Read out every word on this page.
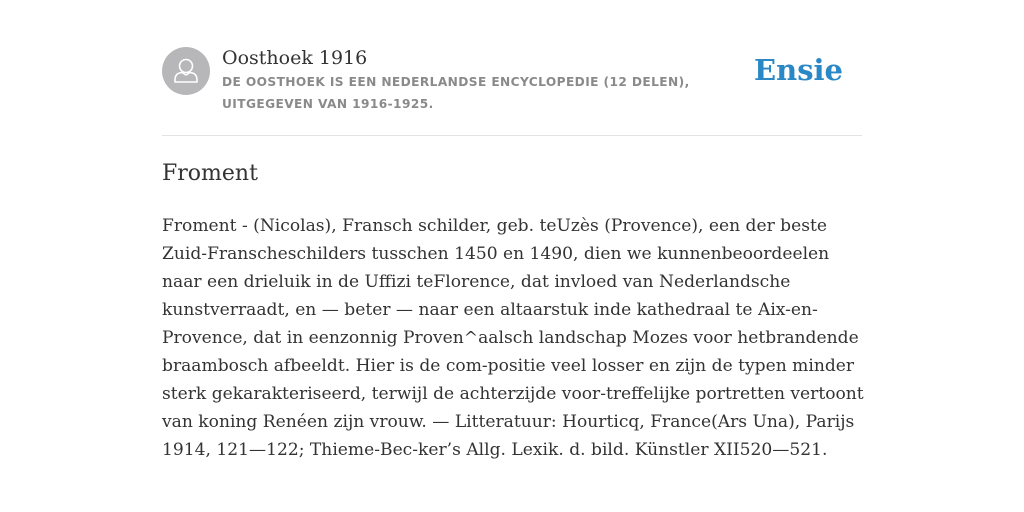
Oosthoek 1916
DE OOSTHOEK IS EEN NEDERLANDSE ENCYCLOPEDIE (12 DELEN), UITGEGEVEN VAN 1916-1925.
Ensie
Froment

Froment - (Nicolas), Fransch schilder, geb. teUzès (Provence), een der beste Zuid-Franscheschilders tusschen 1450 en 1490, dien we kunnenbeoordeelen naar een drieluik in de Uffizi teFlorence, dat invloed van Nederlandsche kunstverraadt, en — beter — naar een altaarstuk inde kathedraal te Aix-en-Provence, dat in eenzonnig Proven^aalsch landschap Mozes voor hetbrandende braambosch afbeeldt. Hier is de com-positie veel losser en zijn de typen minder sterk gekarakteriseerd, terwijl de achterzijde voor-treffelijke portretten vertoont van koning Renéen zijn vrouw. — Litteratuur: Hourticq, France(Ars Una), Parijs 1914, 121—122; Thieme-Bec-ker’s Allg. Lexik. d. bild. Künstler XII520—521.
